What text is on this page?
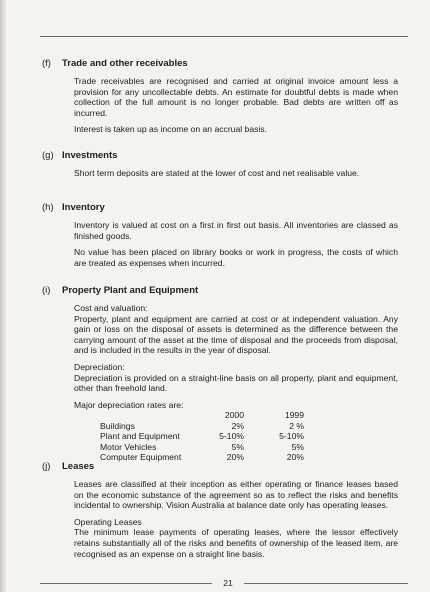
(f)	Trade and other receivables

Trade receivables are recognised and carried at original invoice amount less a provision for any uncollectable debts. An estimate for doubtful debts is made when collection of the full amount is no longer probable. Bad debts are written off as incurred.

Interest is taken up as income on an accrual basis.

(g) Investments

Short term deposits are stated at the lower of cost and net realisable value.

(h) Inventory

Inventory is valued at cost on a first in first out basis. All inventories are classed as finished goods.

No value has been placed on library books or work in progress, the costs of which are treated as expenses when incurred.

(i)	Property Plant and Equipment

Cost and valuation:

Property, plant and equipment are carried at cost or at independent valuation. Any gain or loss on the disposal of assets is determined as the difference between the carrying amount of the asset at the time of disposal and the proceeds from disposal, and is included in the results in the year of disposal.

Depreciation:

Depreciation is provided on a straight-line basis on all property, plant and equipment, other than freehold land.

Major depreciation rates are:

	2000	1999
Buildings	2%	2 %
Plant and Equipment	5-10%	5-10%
Motor Vehicles	5%	5%
Computer Equipment	20%	20%
(j)	Leases

Leases are classified at their inception as either operating or finance leases based on the economic substance of the agreement so as to reflect the risks and benefits incidental to ownership. Vision Australia at balance date only has operating leases.

Operating Leases

The minimum lease payments of operating leases, where the lessor effectively retains substantially all of the risks and benefits of ownership of the leased item, are recognised as an expense on a straight line basis.

21
